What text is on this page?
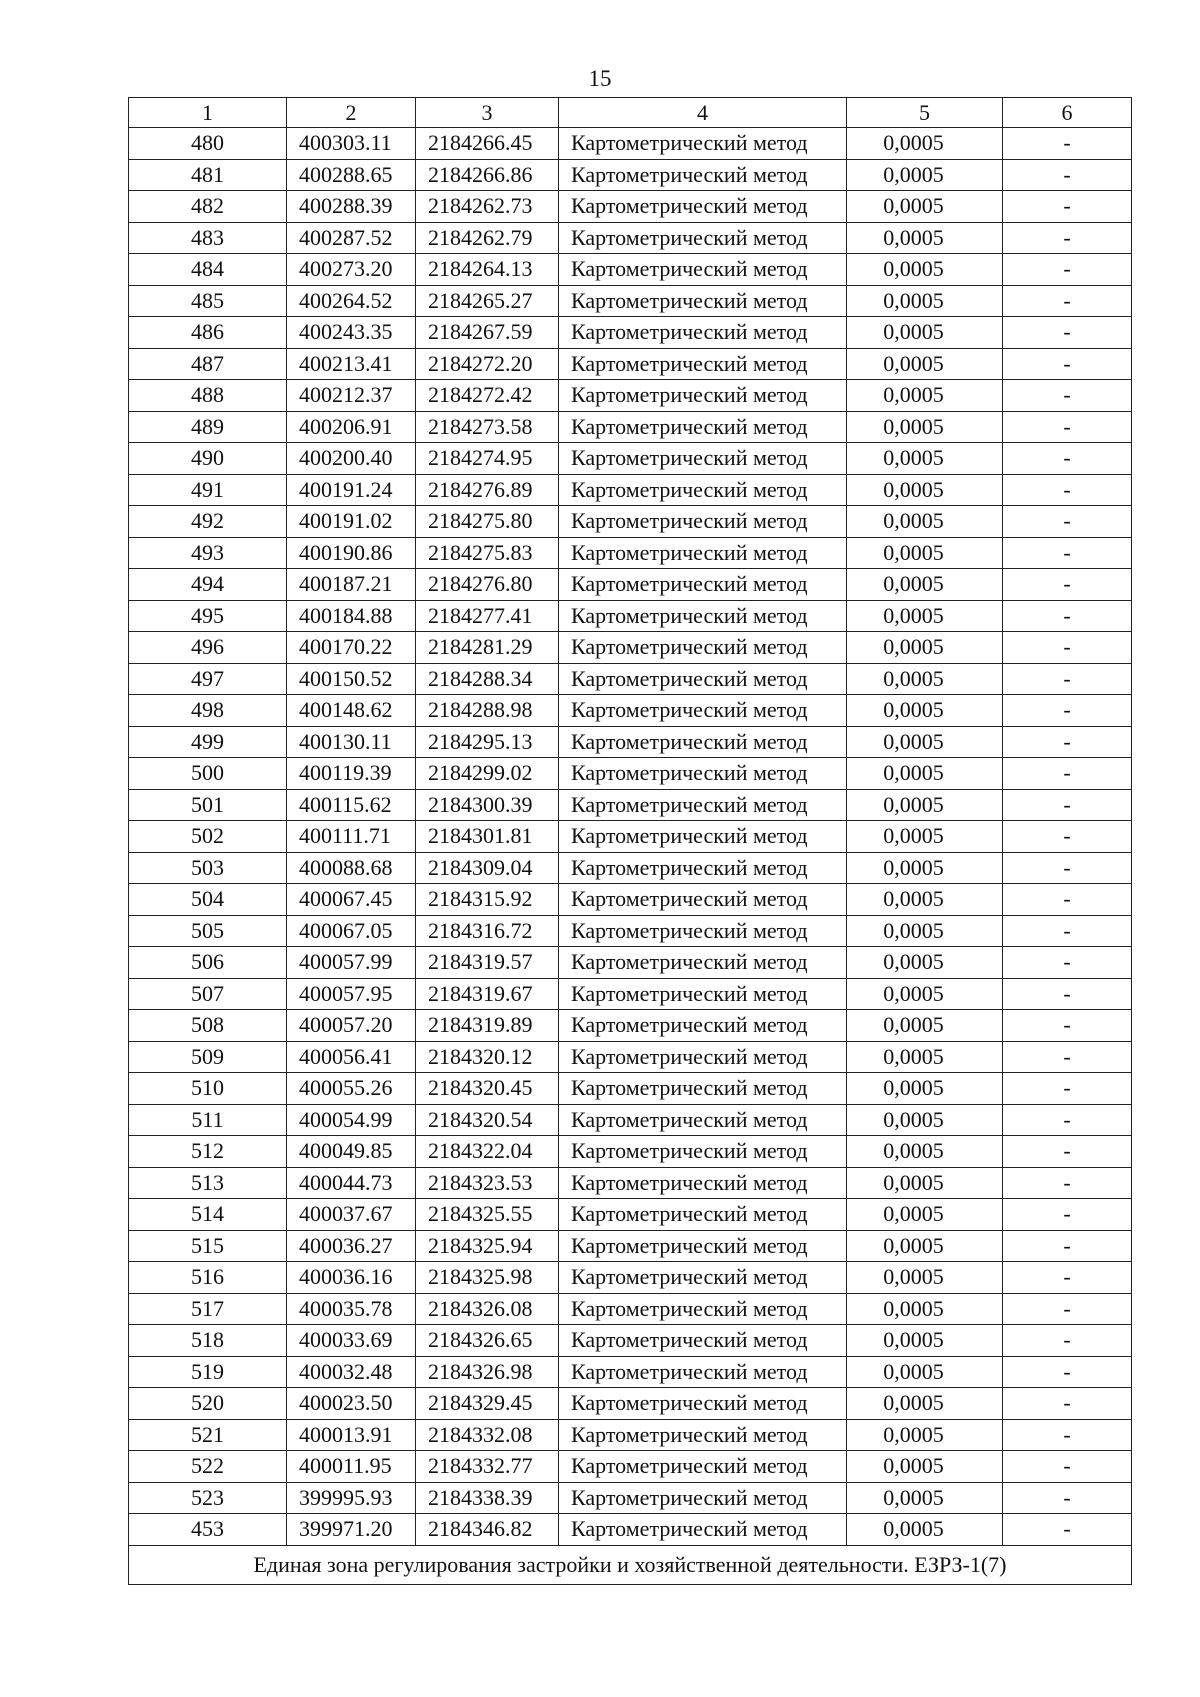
15
1	2	3	4	5	6
480	400303.11	2184266.45	Картометрический метод	0,0005	-
481	400288.65	2184266.86	Картометрический метод	0,0005	-
482	400288.39	2184262.73	Картометрический метод	0,0005	-
483	400287.52	2184262.79	Картометрический метод	0,0005	-
484	400273.20	2184264.13	Картометрический метод	0,0005	-
485	400264.52	2184265.27	Картометрический метод	0,0005	-
486	400243.35	2184267.59	Картометрический метод	0,0005	-
487	400213.41	2184272.20	Картометрический метод	0,0005	-
488	400212.37	2184272.42	Картометрический метод	0,0005	-
489	400206.91	2184273.58	Картометрический метод	0,0005	-
490	400200.40	2184274.95	Картометрический метод	0,0005	-
491	400191.24	2184276.89	Картометрический метод	0,0005	-
492	400191.02	2184275.80	Картометрический метод	0,0005	-
493	400190.86	2184275.83	Картометрический метод	0,0005	-
494	400187.21	2184276.80	Картометрический метод	0,0005	-
495	400184.88	2184277.41	Картометрический метод	0,0005	-
496	400170.22	2184281.29	Картометрический метод	0,0005	-
497	400150.52	2184288.34	Картометрический метод	0,0005	-
498	400148.62	2184288.98	Картометрический метод	0,0005	-
499	400130.11	2184295.13	Картометрический метод	0,0005	-
500	400119.39	2184299.02	Картометрический метод	0,0005	-
501	400115.62	2184300.39	Картометрический метод	0,0005	-
502	400111.71	2184301.81	Картометрический метод	0,0005	-
503	400088.68	2184309.04	Картометрический метод	0,0005	-
504	400067.45	2184315.92	Картометрический метод	0,0005	-
505	400067.05	2184316.72	Картометрический метод	0,0005	-
506	400057.99	2184319.57	Картометрический метод	0,0005	-
507	400057.95	2184319.67	Картометрический метод	0,0005	-
508	400057.20	2184319.89	Картометрический метод	0,0005	-
509	400056.41	2184320.12	Картометрический метод	0,0005	-
510	400055.26	2184320.45	Картометрический метод	0,0005	-
511	400054.99	2184320.54	Картометрический метод	0,0005	-
512	400049.85	2184322.04	Картометрический метод	0,0005	-
513	400044.73	2184323.53	Картометрический метод	0,0005	-
514	400037.67	2184325.55	Картометрический метод	0,0005	-
515	400036.27	2184325.94	Картометрический метод	0,0005	-
516	400036.16	2184325.98	Картометрический метод	0,0005	-
517	400035.78	2184326.08	Картометрический метод	0,0005	-
518	400033.69	2184326.65	Картометрический метод	0,0005	-
519	400032.48	2184326.98	Картометрический метод	0,0005	-
520	400023.50	2184329.45	Картометрический метод	0,0005	-
521	400013.91	2184332.08	Картометрический метод	0,0005	-
522	400011.95	2184332.77	Картометрический метод	0,0005	-
523	399995.93	2184338.39	Картометрический метод	0,0005	-
453	399971.20	2184346.82	Картометрический метод	0,0005	-
Единая зона регулирования застройки и хозяйственной деятельности. ЕЗРЗ-1(7)					
